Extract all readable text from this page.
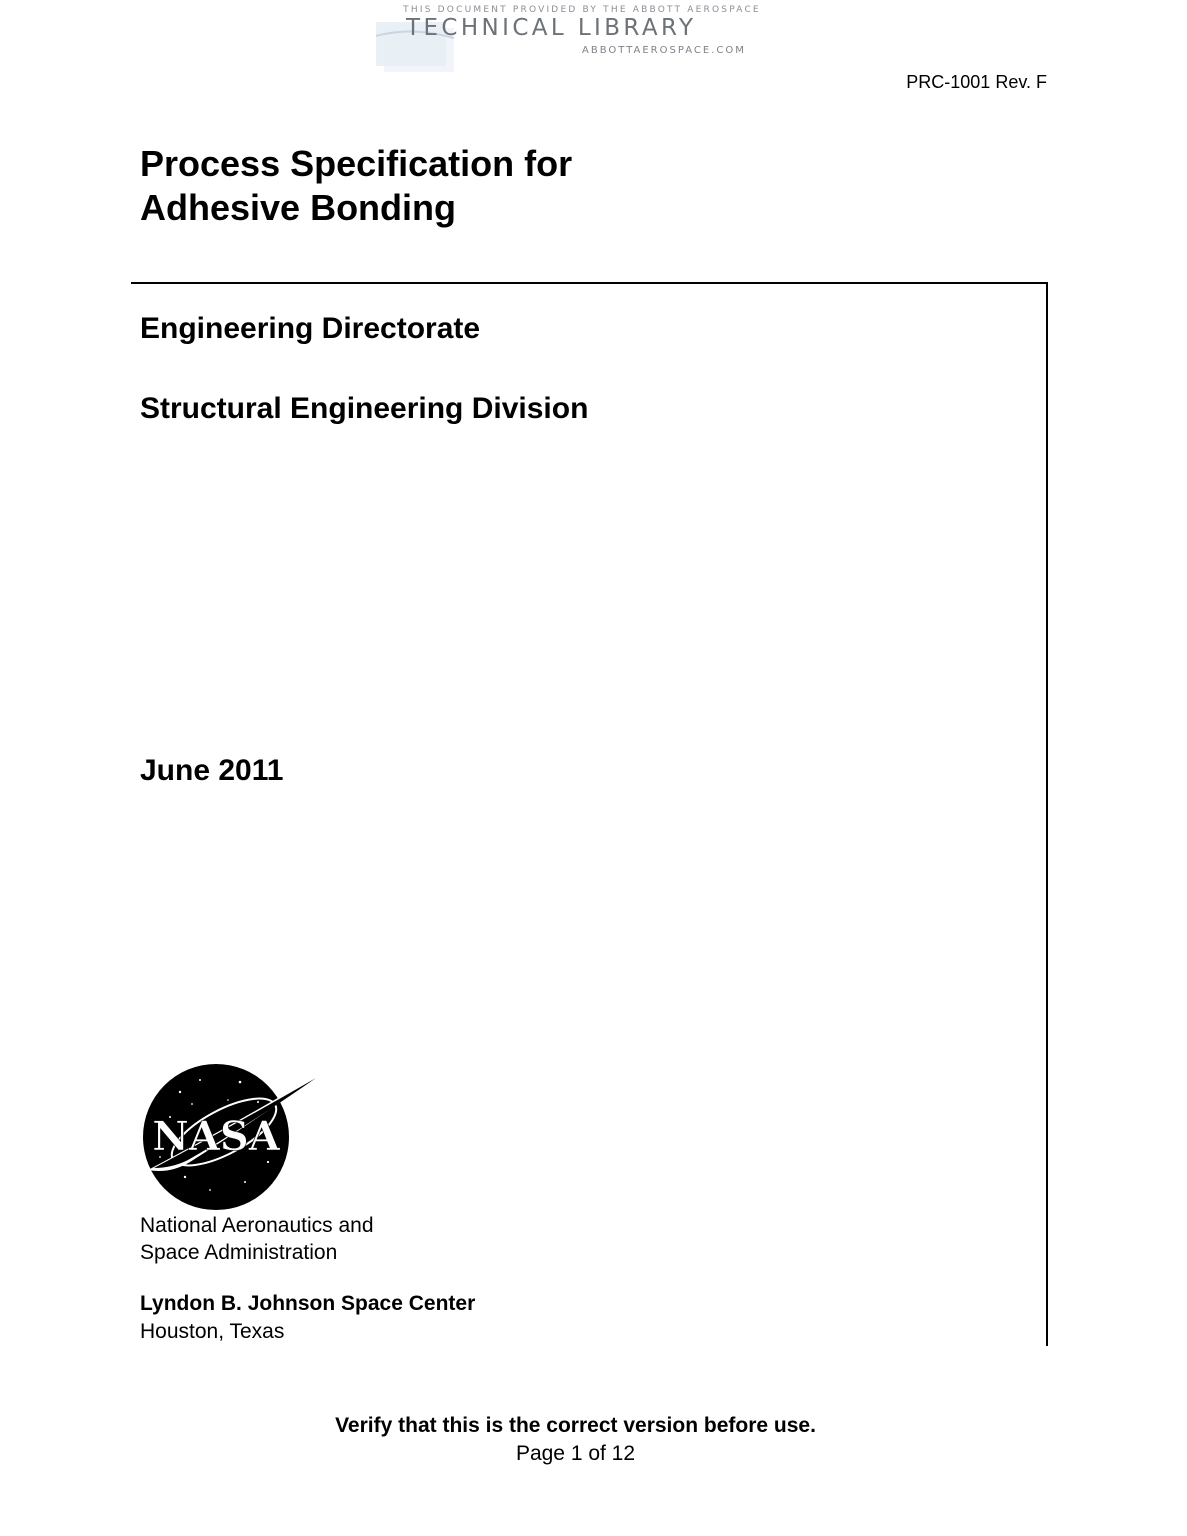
THIS DOCUMENT PROVIDED BY THE ABBOTT AEROSPACE
TECHNICAL LIBRARY
ABBOTTAEROSPACE.COM
PRC-1001 Rev. F
Process Specification for
Adhesive Bonding
Engineering Directorate
Structural Engineering Division
June 2011
NASA
National Aeronautics and
Space Administration
Lyndon B. Johnson Space Center
Houston, Texas
Verify that this is the correct version before use.
Page 1 of 12
